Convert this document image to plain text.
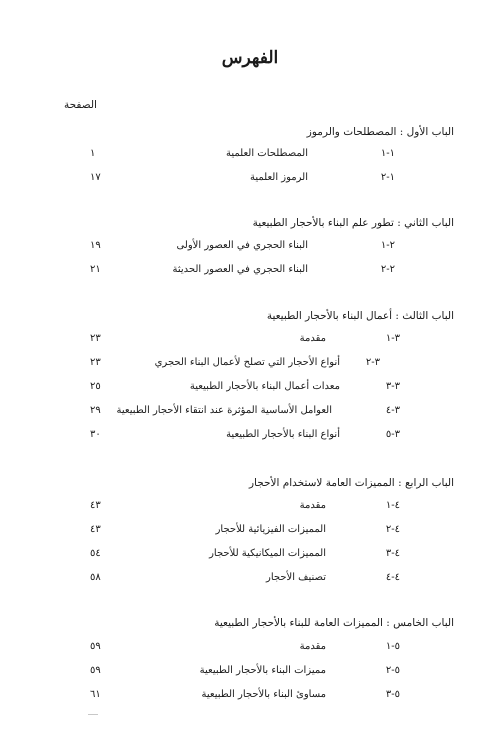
الفهرس
الصفحة
الباب الأول : المصطلحات والرموز
١-١
المصطلحات العلمية
١
١-٢
الرموز العلمية
١٧
الباب الثاني : تطور علم البناء بالأحجار الطبيعية
٢-١
البناء الحجري في العصور الأولى
١٩
٢-٢
البناء الحجري في العصور الحديثة
٢١
الباب الثالث : أعمال البناء بالأحجار الطبيعية
٣-١
مقدمة
٢٣
٣-٢
أنواع الأحجار التي تصلح لأعمال البناء الحجري
٢٣
٣-٣
معدات أعمال البناء بالأحجار الطبيعية
٢٥
٣-٤
العوامل الأساسية المؤثرة عند انتقاء الأحجار الطبيعية
٢٩
٣-٥
أنواع البناء بالأحجار الطبيعية
٣٠
الباب الرابع : المميزات العامة لاستخدام الأحجار
٤-١
مقدمة
٤٣
٤-٢
المميزات الفيزيائية للأحجار
٤٣
٤-٣
المميزات الميكانيكية للأحجار
٥٤
٤-٤
تصنيف الأحجار
٥٨
الباب الخامس : المميزات العامة للبناء بالأحجار الطبيعية
٥-١
مقدمة
٥٩
٥-٢
مميزات البناء بالأحجار الطبيعية
٥٩
٥-٣
مساوئ البناء بالأحجار الطبيعية
٦١
